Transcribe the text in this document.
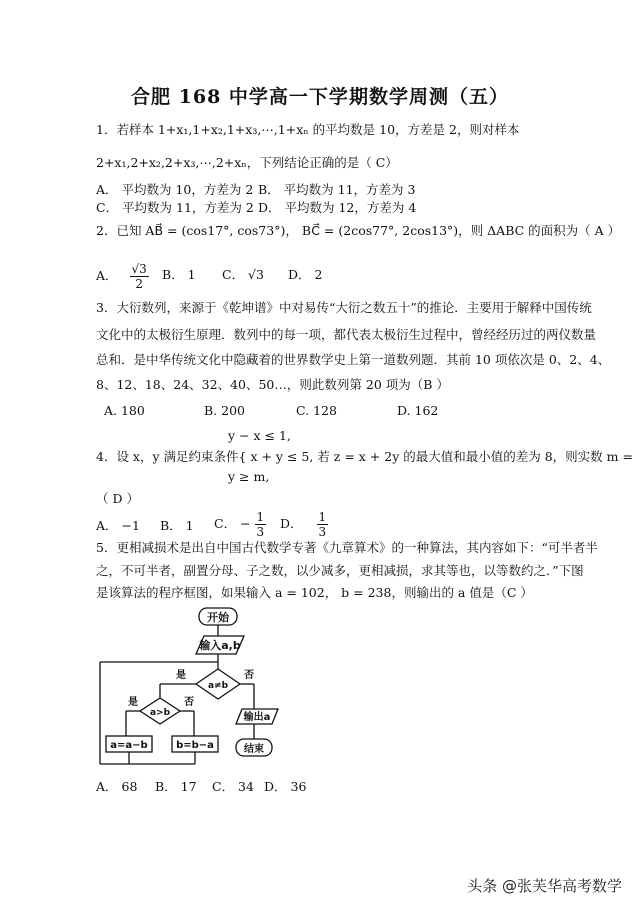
合肥 168 中学高一下学期数学周测（五）
1．若样本 1+x₁,1+x₂,1+x₃,⋯,1+xₙ 的平均数是 10，方差是 2，则对样本
2+x₁,2+x₂,2+x₃,⋯,2+xₙ，下列结论正确的是（ C）
A． 平均数为 10，方差为 2 B． 平均数为 11，方差为 3
C． 平均数为 11，方差为 2 D． 平均数为 12，方差为 4
2．已知 AB⃗ = (cos17°, cos73°)， BC⃗ = (2cos77°, 2cos13°)，则 ΔABC 的面积为（ A ）
A． $\frac{√3}{2}$ B． 1 C． √3 D． 2
3．大衍数列，来源于《乾坤谱》中对易传“大衍之数五十”的推论．主要用于解释中国传统
文化中的太极衍生原理．数列中的每一项，都代表太极衍生过程中，曾经经历过的两仪数量
总和．是中华传统文化中隐藏着的世界数学史上第一道数列题．其前 10 项依次是 0、2、4、
8、12、18、24、32、40、50…，则此数列第 20 项为（B ）
A. 180	B. 200	C. 128	D. 162
y − x ≤ 1,
4．设 x，y 满足约束条件{ x + y ≤ 5, 若 z = x + 2y 的最大值和最小值的差为 8，则实数 m =
y ≥ m,
（ D ）
A． −1 B． 1 C． − $\frac{1}{3}$ D． $\frac{1}{3}$
5．更相减损术是出自中国古代数学专著《九章算术》的一种算法，其内容如下：“可半者半
之，不可半者，副置分母、子之数，以少减多，更相减损，求其等也，以等数约之．”下图
是该算法的程序框图，如果输入 a = 102， b = 238，则输出的 a 值是（C ）
开始
输入a,b
a≠b
是	否
a>b
是	否
a=a−b	b=b−a
输出a
结束
A． 68 B． 17 C． 34 D． 36
头条 @张芙华高考数学
